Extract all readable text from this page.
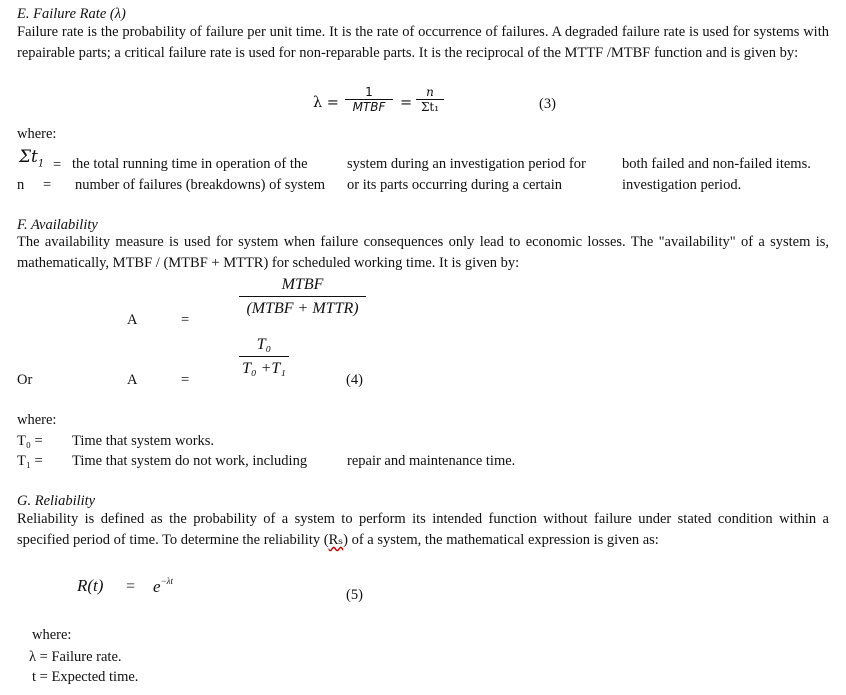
E. Failure Rate (λ)
Failure rate is the probability of failure per unit time. It is the rate of occurrence of failures. A degraded failure rate is used for systems with repairable parts; a critical failure rate is used for non-reparable parts. It is the reciprocal of the MTTF /MTBF function and is given by:
λ =
1
MTBF	= $\frac{n}{\text{Σt₁}}$	(3)
where:
$\Sigma t_1$ = the total running time in operation of the	system during an investigation period for both failed and non-failed items.
n = number of failures (breakdowns) of system or its parts occurring during a certain	investigation period.
F. Availability
The availability measure is used for system when failure consequences only lead to economic losses. The "availability" of a system is, mathematically, MTBF / (MTBF + MTTR) for scheduled working time. It is given by:
A	=
MTBF
(MTBF + MTTR)
Or	A	=	$\frac{\text{T₀}}{\text{T₀ +T₁}}$	(4)
where:
T₀ = Time that system works.
T₁ = Time that system do not work, including	repair and maintenance time.
G. Reliability
Reliability is defined as the probability of a system to perform its intended function without failure under stated condition within a specified period of time. To determine the reliability (Rₛ) of a system, the mathematical expression is given as:
$R(t) = e^{-\lambda t}$
(5)
where:
λ = Failure rate.
t = Expected time.
